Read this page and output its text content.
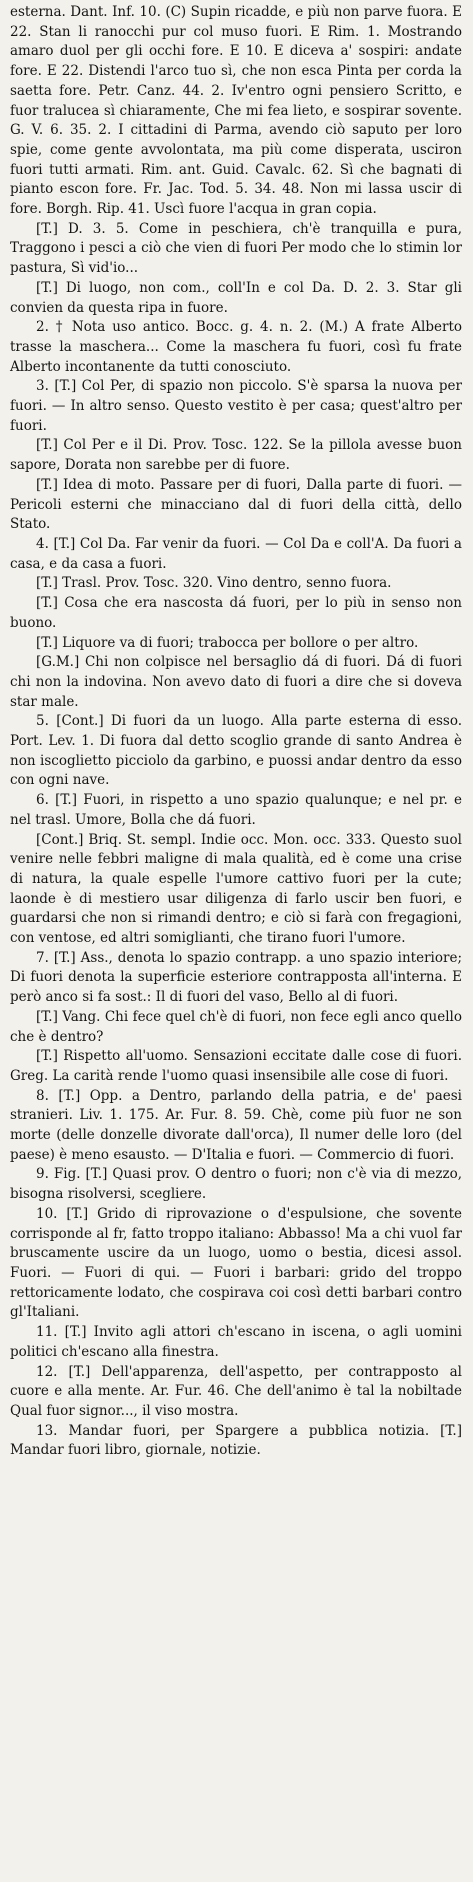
esterna. Dant. Inf. 10. (C) Supin ricadde, e più non parve fuora. E 22. Stan li ranocchi pur col muso fuori. E Rim. 1. Mostrando amaro duol per gli occhi fore. E 10. E diceva a' sospiri: andate fore. E 22. Distendi l'arco tuo sì, che non esca Pinta per corda la saetta fore. Petr. Canz. 44. 2. Iv'entro ogni pensiero Scritto, e fuor tralucea sì chiaramente, Che mi fea lieto, e sospirar sovente. G. V. 6. 35. 2. I cittadini di Parma, avendo ciò saputo per loro spie, come gente avvolontata, ma più come disperata, usciron fuori tutti armati. Rim. ant. Guid. Cavalc. 62. Sì che bagnati di pianto escon fore. Fr. Jac. Tod. 5. 34. 48. Non mi lassa uscir di fore. Borgh. Rip. 41. Uscì fuore l'acqua in gran copia.

[T.] D. 3. 5. Come in peschiera, ch'è tranquilla e pura, Traggono i pesci a ciò che vien di fuori Per modo che lo stimin lor pastura, Sì vid'io...

[T.] Di luogo, non com., coll'In e col Da. D. 2. 3. Star gli convien da questa ripa in fuore.

2. † Nota uso antico. Bocc. g. 4. n. 2. (M.) A frate Alberto trasse la maschera... Come la maschera fu fuori, così fu frate Alberto incontanente da tutti conosciuto.

3. [T.] Col Per, di spazio non piccolo. S'è sparsa la nuova per fuori. — In altro senso. Questo vestito è per casa; quest'altro per fuori.

[T.] Col Per e il Di. Prov. Tosc. 122. Se la pillola avesse buon sapore, Dorata non sarebbe per di fuore.

[T.] Idea di moto. Passare per di fuori, Dalla parte di fuori. — Pericoli esterni che minacciano dal di fuori della città, dello Stato.

4. [T.] Col Da. Far venir da fuori. — Col Da e coll'A. Da fuori a casa, e da casa a fuori.

[T.] Trasl. Prov. Tosc. 320. Vino dentro, senno fuora.

[T.] Cosa che era nascosta dá fuori, per lo più in senso non buono.

[T.] Liquore va di fuori; trabocca per bollore o per altro.

[G.M.] Chi non colpisce nel bersaglio dá di fuori. Dá di fuori chi non la indovina. Non avevo dato di fuori a dire che si doveva star male.

5. [Cont.] Di fuori da un luogo. Alla parte esterna di esso. Port. Lev. 1. Di fuora dal detto scoglio grande di santo Andrea è non iscoglietto picciolo da garbino, e puossi andar dentro da esso con ogni nave.

6. [T.] Fuori, in rispetto a uno spazio qualunque; e nel pr. e nel trasl. Umore, Bolla che dá fuori.

[Cont.] Briq. St. sempl. Indie occ. Mon. occ. 333. Questo suol venire nelle febbri maligne di mala qualità, ed è come una crise di natura, la quale espelle l'umore cattivo fuori per la cute; laonde è di mestiero usar diligenza di farlo uscir ben fuori, e guardarsi che non si rimandi dentro; e ciò si farà con fregagioni, con ventose, ed altri somiglianti, che tirano fuori l'umore.

7. [T.] Ass., denota lo spazio contrapp. a uno spazio interiore; Di fuori denota la superficie esteriore contrapposta all'interna. E però anco si fa sost.: Il di fuori del vaso, Bello al di fuori.

[T.] Vang. Chi fece quel ch'è di fuori, non fece egli anco quello che è dentro?

[T.] Rispetto all'uomo. Sensazioni eccitate dalle cose di fuori. Greg. La carità rende l'uomo quasi insensibile alle cose di fuori.

8. [T.] Opp. a Dentro, parlando della patria, e de' paesi stranieri. Liv. 1. 175. Ar. Fur. 8. 59. Chè, come più fuor ne son morte (delle donzelle divorate dall'orca), Il numer delle loro (del paese) è meno esausto. — D'Italia e fuori. — Commercio di fuori.

9. Fig. [T.] Quasi prov. O dentro o fuori; non c'è via di mezzo, bisogna risolversi, scegliere.

10. [T.] Grido di riprovazione o d'espulsione, che sovente corrisponde al fr, fatto troppo italiano: Abbasso! Ma a chi vuol far bruscamente uscire da un luogo, uomo o bestia, dicesi assol. Fuori. — Fuori di qui. — Fuori i barbari: grido del troppo rettoricamente lodato, che cospirava coi così detti barbari contro gl'Italiani.

11. [T.] Invito agli attori ch'escano in iscena, o agli uomini politici ch'escano alla finestra.

12. [T.] Dell'apparenza, dell'aspetto, per contrapposto al cuore e alla mente. Ar. Fur. 46. Che dell'animo è tal la nobiltade Qual fuor signor..., il viso mostra.

13. Mandar fuori, per Spargere a pubblica notizia. [T.] Mandar fuori libro, giornale, notizie.
